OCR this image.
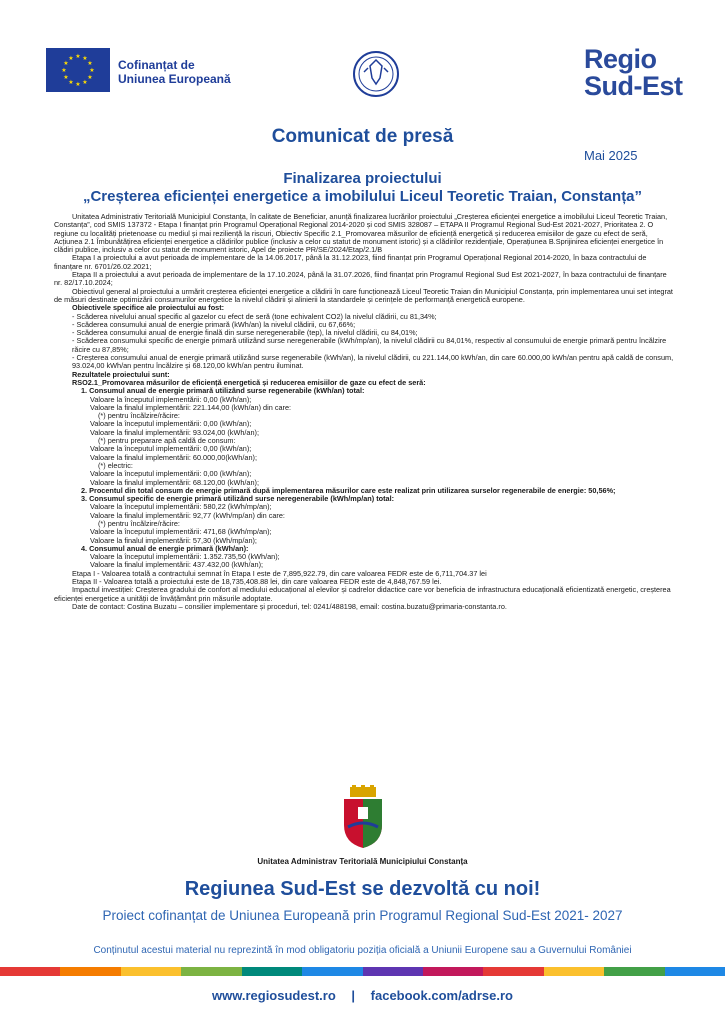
★ ★
★
★
★
★
★
★
★
★
★
★	Cofinanțat de
Uniunea Europeană
Regio
Sud-Est
Comunicat de presă
Mai 2025
Finalizarea proiectului
„Creșterea eficienței energetice a imobilului Liceul Teoretic Traian, Constanța”

Unitatea Administrativ Teritorială Municipiul Constanța, în calitate de Beneficiar, anunță finalizarea lucrărilor proiectului „Creșterea eficienței energetice a imobilului Liceul Teoretic Traian, Constanța”, cod SMIS 137372 - Etapa I finanțat prin Programul Operațional Regional 2014-2020 și cod SMIS 328087 – ETAPA II Programul Regional Sud-Est 2021-2027, Prioritatea 2. O regiune cu localități prietenoase cu mediul și mai reziliență la riscuri, Obiectiv Specific 2.1_Promovarea măsurilor de eficiență energetică și reducerea emisiilor de gaze cu efect de seră, Acțiunea 2.1 Îmbunătățirea eficienței energetice a clădirilor publice (inclusiv a celor cu statut de monument istoric) și a clădirilor rezidențiale, Operațiunea B.Sprijinirea eficienței energetice în clădiri publice, inclusiv a celor cu statut de monument istoric, Apel de proiecte PR/SE/2024/Etap/2.1/B

Etapa I a proiectului a avut perioada de implementare de la 14.06.2017, până la 31.12.2023, fiind finanțat prin Programul Operațional Regional 2014-2020, în baza contractului de finanțare nr. 6701/26.02.2021;

Etapa II a proiectului a avut perioada de implementare de la 17.10.2024, până la 31.07.2026, fiind finanțat prin Programul Regional Sud Est 2021-2027, în baza contractului de finanțare nr. 82/17.10.2024;

Obiectivul general al proiectului a urmărit creșterea eficienței energetice a clădirii în care funcționează Liceul Teoretic Traian din Municipiul Constanța, prin implementarea unui set integrat de măsuri destinate optimizării consumurilor energetice la nivelul clădirii și alinierii la standardele și cerințele de performanță energetică europene.

Obiectivele specifice ale proiectului au fost:

- Scăderea nivelului anual specific al gazelor cu efect de seră (tone echivalent CO2) la nivelul clădirii, cu 81,34%;

- Scăderea consumului anual de energie primară (kWh/an) la nivelul clădirii, cu 67,66%;

- Scăderea consumului anual de energie finală din surse neregenerabile (tep), la nivelul clădirii, cu 84,01%;

- Scăderea consumului specific de energie primară utilizând surse neregenerabile (kWh/mp/an), la nivelul clădirii cu 84,01%, respectiv al consumului de energie primară pentru încălzire răcire cu 87,85%;

- Creșterea consumului anual de energie primară utilizând surse regenerabile (kWh/an), la nivelul clădirii, cu 221.144,00 kWh/an, din care 60.000,00 kWh/an pentru apă caldă de consum, 93.024,00 kWh/an pentru încălzire și 68.120,00 kWh/an pentru iluminat.

Rezultatele proiectului sunt:

RSO2.1_Promovarea măsurilor de eficiență energetică și reducerea emisiilor de gaze cu efect de seră:

1. Consumul anual de energie primară utilizând surse regenerabile (kWh/an) total:

Valoare la începutul implementării: 0,00 (kWh/an);

Valoare la finalul implementării: 221.144,00 (kWh/an) din care:

(*) pentru încălzire/răcire:

Valoare la începutul implementării: 0,00 (kWh/an);

Valoare la finalul implementării: 93.024,00 (kWh/an);

(*) pentru preparare apă caldă de consum:

Valoare la începutul implementării: 0,00 (kWh/an);

Valoare la finalul implementării: 60.000,00(kWh/an);

(*) electric:

Valoare la începutul implementării: 0,00 (kWh/an);

Valoare la finalul implementării: 68.120,00 (kWh/an);

2. Procentul din total consum de energie primară după implementarea măsurilor care este realizat prin utilizarea surselor regenerabile de energie: 50,56%;

3. Consumul specific de energie primară utilizând surse neregenerabile (kWh/mp/an) total:

Valoare la începutul implementării: 580,22 (kWh/mp/an);

Valoare la finalul implementării: 92,77 (kWh/mp/an) din care:

(*) pentru încălzire/răcire:

Valoare la începutul implementării: 471,68 (kWh/mp/an);

Valoare la finalul implementării: 57,30 (kWh/mp/an);

4. Consumul anual de energie primară (kWh/an):

Valoare la începutul implementării: 1.352.735,50 (kWh/an);

Valoare la finalul implementării: 437.432,00 (kWh/an);

Etapa I - Valoarea totală a contractului semnat în Etapa I este de 7,895,922.79, din care valoarea FEDR este de 6,711,704.37 lei

Etapa II - Valoarea totală a proiectului este de 18,735,408.88 lei, din care valoarea FEDR este de 4,848,767.59 lei.

Impactul investiției: Creșterea gradului de confort al mediului educațional al elevilor și cadrelor didactice care vor beneficia de infrastructura educațională eficientizată energetic, creșterea eficienței energetice a unității de învățământ prin măsurile adoptate.

Date de contact: Costina Buzatu – consilier implementare și proceduri, tel: 0241/488198, email: costina.buzatu@primaria-constanta.ro.

Unitatea Administrav Teritorială Municipiului Constanța
Regiunea Sud-Est se dezvoltă cu noi!
Proiect cofinanțat de Uniunea Europeană prin Programul Regional Sud-Est 2021- 2027
Conținutul acestui material nu reprezintă în mod obligatoriu poziția oficială a Uniunii Europene sau a Guvernului României
www.regiosudest.ro | facebook.com/adrse.ro
